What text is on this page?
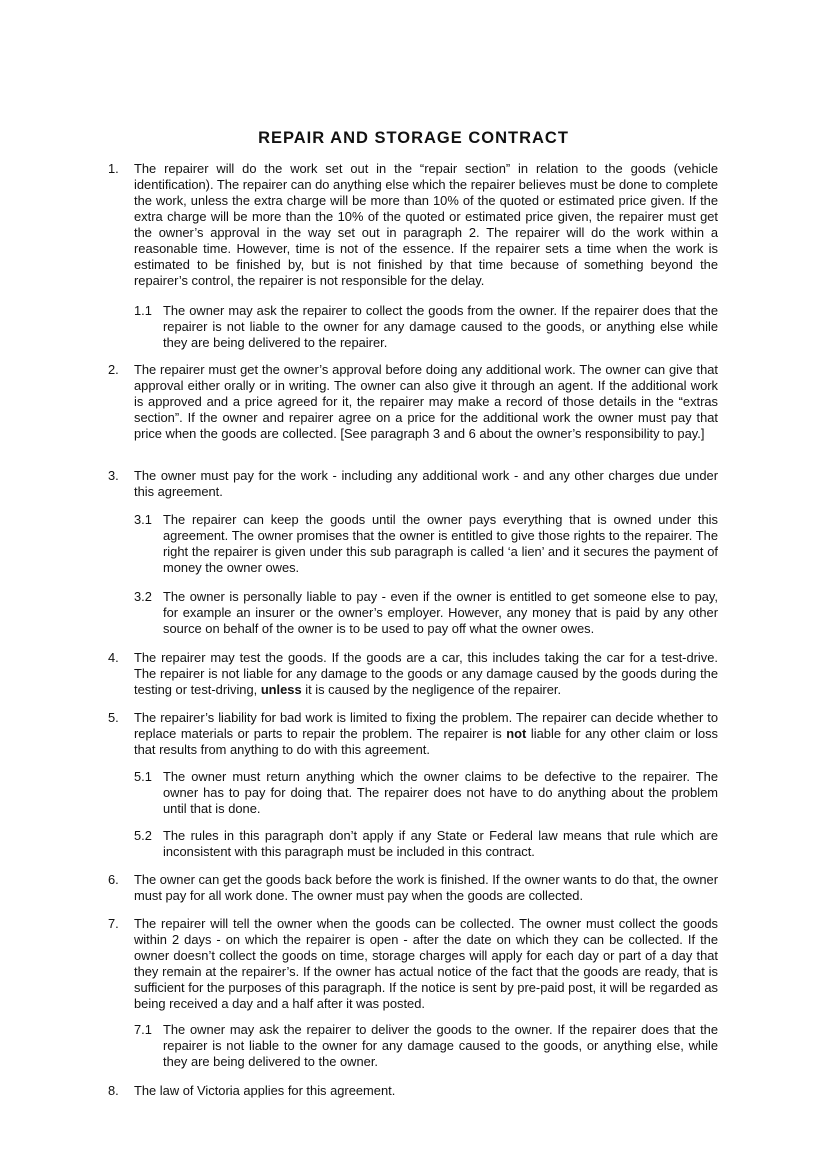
REPAIR AND STORAGE CONTRACT
1. The repairer will do the work set out in the “repair section” in relation to the goods (vehicle identification). The repairer can do anything else which the repairer believes must be done to complete the work, unless the extra charge will be more than 10% of the quoted or estimated price given. If the extra charge will be more than the 10% of the quoted or estimated price given, the repairer must get the owner’s approval in the way set out in paragraph 2. The repairer will do the work within a reasonable time. However, time is not of the essence. If the repairer sets a time when the work is estimated to be finished by, but is not finished by that time because of something beyond the repairer’s control, the repairer is not responsible for the delay.
1.1 The owner may ask the repairer to collect the goods from the owner. If the repairer does that the repairer is not liable to the owner for any damage caused to the goods, or anything else while they are being delivered to the repairer.
2. The repairer must get the owner’s approval before doing any additional work. The owner can give that approval either orally or in writing. The owner can also give it through an agent. If the additional work is approved and a price agreed for it, the repairer may make a record of those details in the “extras section”. If the owner and repairer agree on a price for the additional work the owner must pay that price when the goods are collected. [See paragraph 3 and 6 about the owner’s responsibility to pay.]
3. The owner must pay for the work - including any additional work - and any other charges due under this agreement.
3.1 The repairer can keep the goods until the owner pays everything that is owned under this agreement. The owner promises that the owner is entitled to give those rights to the repairer. The right the repairer is given under this sub paragraph is called ‘a lien’ and it secures the payment of money the owner owes.
3.2 The owner is personally liable to pay - even if the owner is entitled to get someone else to pay, for example an insurer or the owner’s employer. However, any money that is paid by any other source on behalf of the owner is to be used to pay off what the owner owes.
4. The repairer may test the goods. If the goods are a car, this includes taking the car for a test-drive. The repairer is not liable for any damage to the goods or any damage caused by the goods during the testing or test-driving, unless it is caused by the negligence of the repairer.
5. The repairer’s liability for bad work is limited to fixing the problem. The repairer can decide whether to replace materials or parts to repair the problem. The repairer is not liable for any other claim or loss that results from anything to do with this agreement.
5.1 The owner must return anything which the owner claims to be defective to the repairer. The owner has to pay for doing that. The repairer does not have to do anything about the problem until that is done.
5.2 The rules in this paragraph don’t apply if any State or Federal law means that rule which are inconsistent with this paragraph must be included in this contract.
6. The owner can get the goods back before the work is finished. If the owner wants to do that, the owner must pay for all work done. The owner must pay when the goods are collected.
7. The repairer will tell the owner when the goods can be collected. The owner must collect the goods within 2 days - on which the repairer is open - after the date on which they can be collected. If the owner doesn’t collect the goods on time, storage charges will apply for each day or part of a day that they remain at the repairer’s. If the owner has actual notice of the fact that the goods are ready, that is sufficient for the purposes of this paragraph. If the notice is sent by pre-paid post, it will be regarded as being received a day and a half after it was posted.
7.1 The owner may ask the repairer to deliver the goods to the owner. If the repairer does that the repairer is not liable to the owner for any damage caused to the goods, or anything else, while they are being delivered to the owner.
8. The law of Victoria applies for this agreement.
